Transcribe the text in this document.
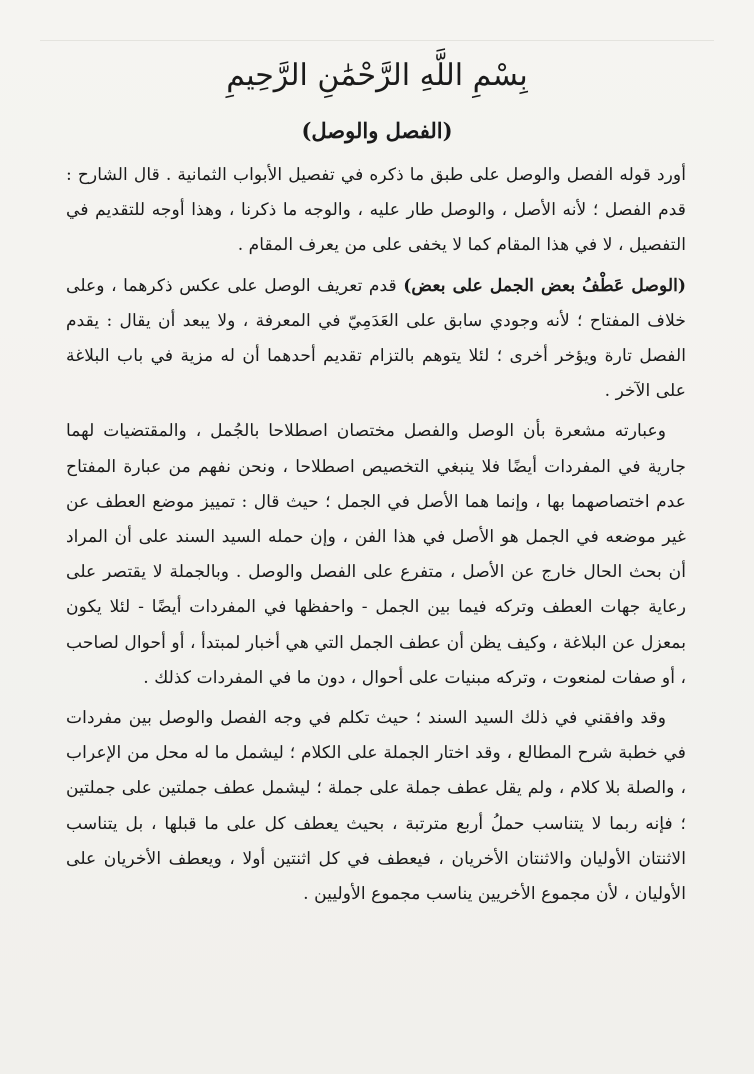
بِسْمِ اللَّهِ الرَّحْمَٰنِ الرَّحِيمِ
(الفصل والوصل)

أورد قوله الفصل والوصل على طبق ما ذكره في تفصيل الأبواب الثمانية . قال الشارح : قدم الفصل ؛ لأنه الأصل ، والوصل طار عليه ، والوجه ما ذكرنا ، وهذا أوجه للتقديم في التفصيل ، لا في هذا المقام كما لا يخفى على من يعرف المقام .

(الوصل عَطْفُ بعض الجمل على بعض) قدم تعريف الوصل على عكس ذكرهما ، وعلى خلاف المفتاح ؛ لأنه وجودي سابق على العَدَمِيّ في المعرفة ، ولا يبعد أن يقال : يقدم الفصل تارة ويؤخر أخرى ؛ لئلا يتوهم بالتزام تقديم أحدهما أن له مزية في باب البلاغة على الآخر .

وعبارته مشعرة بأن الوصل والفصل مختصان اصطلاحا بالجُمل ، والمقتضيات لهما جارية في المفردات أيضًا فلا ينبغي التخصيص اصطلاحا ، ونحن نفهم من عبارة المفتاح عدم اختصاصهما بها ، وإنما هما الأصل في الجمل ؛ حيث قال : تمييز موضع العطف عن غير موضعه في الجمل هو الأصل في هذا الفن ، وإن حمله السيد السند على أن المراد أن بحث الحال خارج عن الأصل ، متفرع على الفصل والوصل . وبالجملة لا يقتصر على رعاية جهات العطف وتركه فيما بين الجمل - واحفظها في المفردات أيضًا - لئلا يكون بمعزل عن البلاغة ، وكيف يظن أن عطف الجمل التي هي أخبار لمبتدأ ، أو أحوال لصاحب ، أو صفات لمنعوت ، وتركه مبنيات على أحوال ، دون ما في المفردات كذلك .

وقد وافقني في ذلك السيد السند ؛ حيث تكلم في وجه الفصل والوصل بين مفردات في خطبة شرح المطالع ، وقد اختار الجملة على الكلام ؛ ليشمل ما له محل من الإعراب ، والصلة بلا كلام ، ولم يقل عطف جملة على جملة ؛ ليشمل عطف جملتين على جملتين ؛ فإنه ربما لا يتناسب حملُ أربع مترتبة ، بحيث يعطف كل على ما قبلها ، بل يتناسب الاثنتان الأوليان والاثنتان الأخريان ، فيعطف في كل اثنتين أولا ، ويعطف الأخريان على الأوليان ، لأن مجموع الأخريين يناسب مجموع الأوليين .
